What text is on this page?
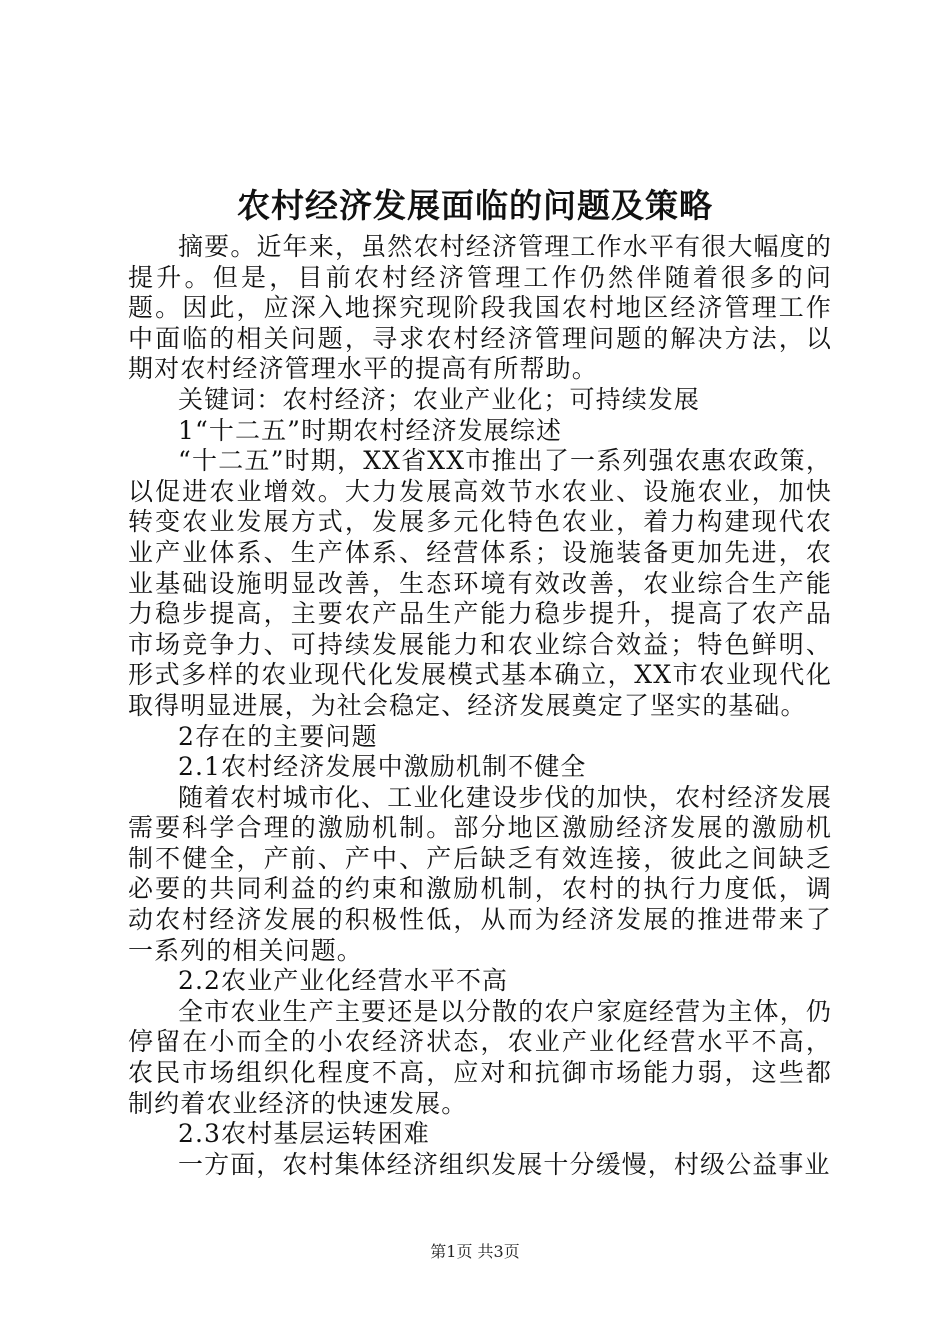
农村经济发展面临的问题及策略

摘要。近年来，虽然农村经济管理工作水平有很大幅度的提升。但是，目前农村经济管理工作仍然伴随着很多的问题。因此，应深入地探究现阶段我国农村地区经济管理工作中面临的相关问题，寻求农村经济管理问题的解决方法，以期对农村经济管理水平的提高有所帮助。

关键词：农村经济；农业产业化；可持续发展

1“十二五”时期农村经济发展综述

“十二五”时期，XX省XX市推出了一系列强农惠农政策，以促进农业增效。大力发展高效节水农业、设施农业，加快转变农业发展方式，发展多元化特色农业，着力构建现代农业产业体系、生产体系、经营体系；设施装备更加先进，农业基础设施明显改善，生态环境有效改善，农业综合生产能力稳步提高，主要农产品生产能力稳步提升，提高了农产品市场竞争力、可持续发展能力和农业综合效益；特色鲜明、形式多样的农业现代化发展模式基本确立，XX市农业现代化取得明显进展，为社会稳定、经济发展奠定了坚实的基础。

2存在的主要问题

2.1农村经济发展中激励机制不健全

随着农村城市化、工业化建设步伐的加快，农村经济发展需要科学合理的激励机制。部分地区激励经济发展的激励机制不健全，产前、产中、产后缺乏有效连接，彼此之间缺乏必要的共同利益的约束和激励机制，农村的执行力度低，调动农村经济发展的积极性低，从而为经济发展的推进带来了一系列的相关问题。

2.2农业产业化经营水平不高

全市农业生产主要还是以分散的农户家庭经营为主体，仍停留在小而全的小农经济状态，农业产业化经营水平不高，农民市场组织化程度不高，应对和抗御市场能力弱，这些都制约着农业经济的快速发展。

2.3农村基层运转困难

一方面，农村集体经济组织发展十分缓慢，村级公益事业

第1页 共3页
